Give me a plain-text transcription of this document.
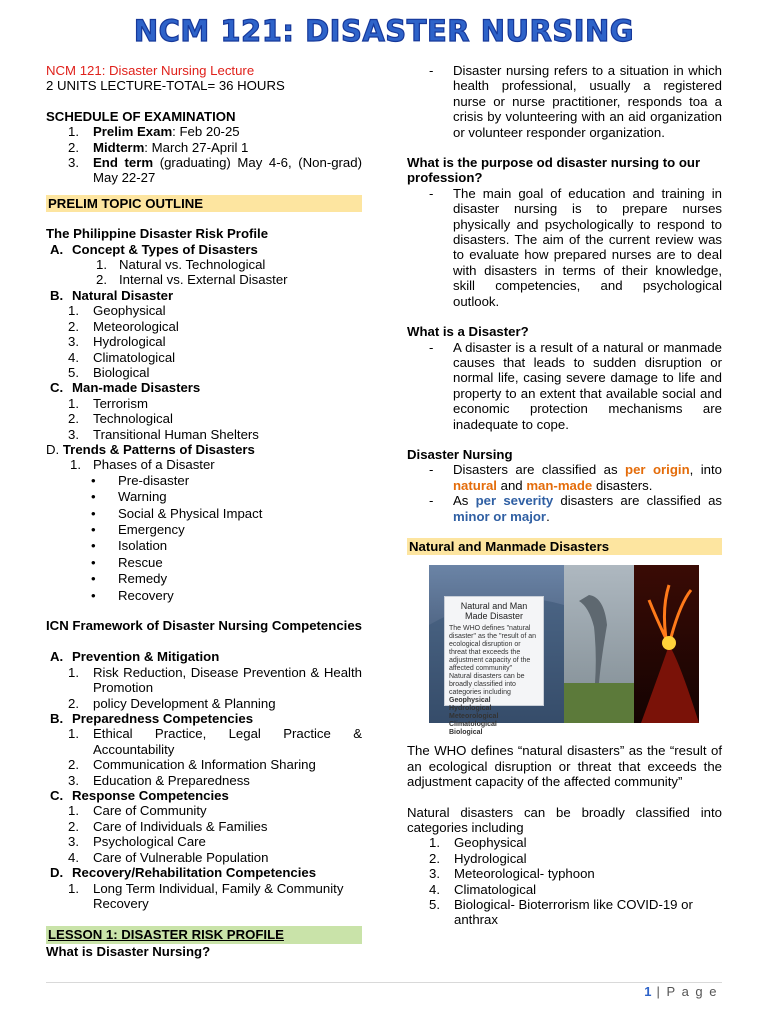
NCM 121: DISASTER NURSING

NCM 121: Disaster Nursing Lecture

2 UNITS LECTURE-TOTAL= 36 HOURS

SCHEDULE OF EXAMINATION

1. Prelim Exam: Feb 20-25
2. Midterm: March 27-April 1
3. End term (graduating) May 4-6, (Non-grad) May 22-27
PRELIM TOPIC OUTLINE

The Philippine Disaster Risk Profile

A. Concept & Types of Disasters
1. Natural vs. Technological
2. Internal vs. External Disaster
B. Natural Disaster
1. Geophysical
2. Meteorological
3. Hydrological
4. Climatological
5. Biological
C. Man-made Disasters
1. Terrorism
2. Technological
3. Transitional Human Shelters
D. Trends & Patterns of Disasters
1. Phases of a Disaster
• Pre-disaster
• Warning
• Social & Physical Impact
• Emergency
• Isolation
• Rescue
• Remedy
• Recovery

ICN Framework of Disaster Nursing Competencies

A. Prevention & Mitigation
1. Risk Reduction, Disease Prevention & Health Promotion
2. policy Development & Planning
B. Preparedness Competencies
1. Ethical Practice, Legal Practice & Accountability
2. Communication & Information Sharing
3. Education & Preparedness
C. Response Competencies
1. Care of Community
2. Care of Individuals & Families
3. Psychological Care
4. Care of Vulnerable Population
D. Recovery/Rehabilitation Competencies
1. Long Term Individual, Family & Community Recovery
LESSON 1: DISASTER RISK PROFILE

What is Disaster Nursing?

- Disaster nursing refers to a situation in which health professional, usually a registered nurse or nurse practitioner, responds toa a crisis by volunteering with an aid organization or volunteer responder organization.

What is the purpose od disaster nursing to our profession?

- The main goal of education and training in disaster nursing is to prepare nurses physically and psychologically to respond to disasters. The aim of the current review was to evaluate how prepared nurses are to deal with disasters in terms of their knowledge, skill competencies, and psychological outlook.

What is a Disaster?

- A disaster is a result of a natural or manmade causes that leads to sudden disruption or normal life, casing severe damage to life and property to an extent that available social and economic protection mechanisms are inadequate to cope.

Disaster Nursing

- Disasters are classified as per origin, into natural and man-made disasters.

- As per severity disasters are classified as minor or major.

Natural and Manmade Disasters
Natural and Man Made Disaster
The WHO defines "natural disaster" as the "result of an ecological disruption or threat that exceeds the adjustment capacity of the affected community"
Natural disasters can be broadly classified into categories including
Geophysical
Hydrological
Meteorological
Climatological
Biological

The WHO defines “natural disasters” as the “result of an ecological disruption or threat that exceeds the adjustment capacity of the affected community”

Natural disasters can be broadly classified into categories including

1. Geophysical
2. Hydrological
3. Meteorological- typhoon
4. Climatological
5. Biological- Bioterrorism like COVID-19 or anthrax
1 | P a g e
